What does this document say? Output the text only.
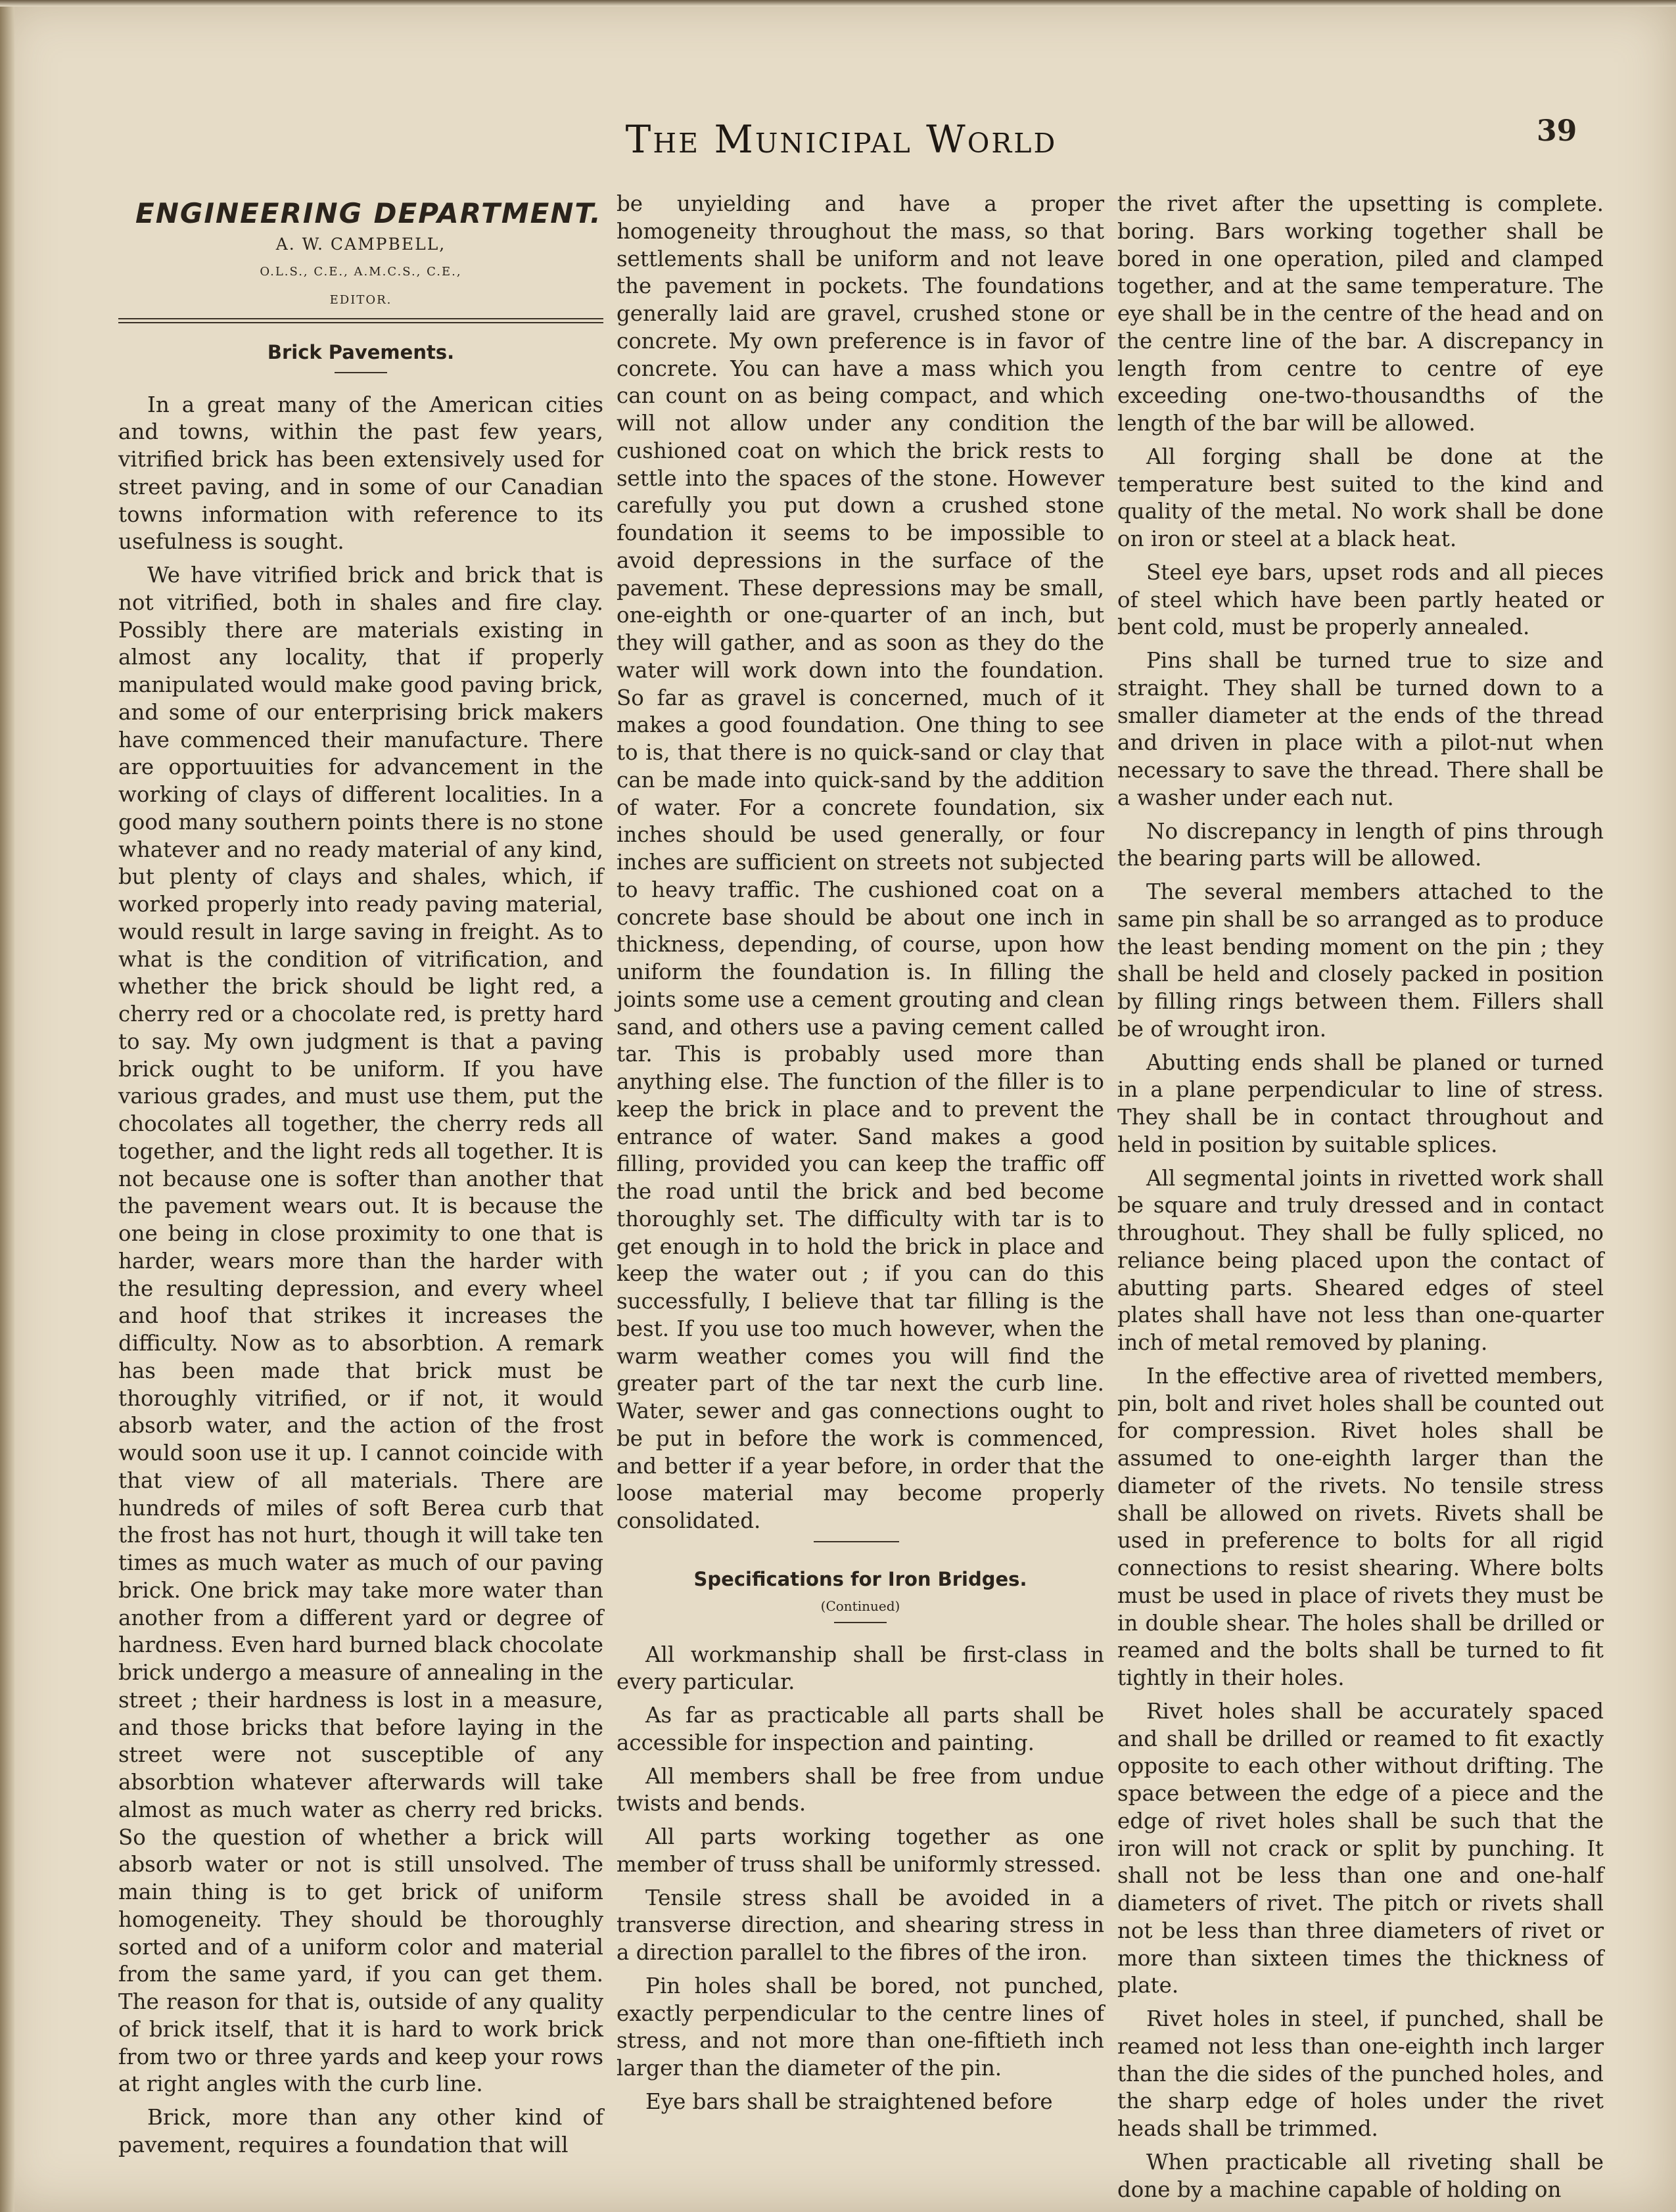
The Municipal World	39
ENGINEERING DEPARTMENT.
A. W. CAMPBELL,
O.L.S., C.E., A.M.C.S., C.E.,
EDITOR.
Brick Pavements.

In a great many of the American cities and towns, within the past few years, vitrified brick has been extensively used for street paving, and in some of our Canadian towns information with reference to its usefulness is sought.

We have vitrified brick and brick that is not vitrified, both in shales and fire clay. Possibly there are materials existing in almost any locality, that if properly manipulated would make good paving brick, and some of our enterprising brick makers have commenced their manufacture. There are opportuuities for advancement in the working of clays of different localities. In a good many southern points there is no stone whatever and no ready material of any kind, but plenty of clays and shales, which, if worked properly into ready paving material, would result in large saving in freight. As to what is the condition of vitrification, and whether the brick should be light red, a cherry red or a chocolate red, is pretty hard to say. My own judgment is that a paving brick ought to be uniform. If you have various grades, and must use them, put the chocolates all together, the cherry reds all together, and the light reds all together. It is not because one is softer than another that the pavement wears out. It is because the one being in close proximity to one that is harder, wears more than the harder with the resulting depression, and every wheel and hoof that strikes it increases the difficulty. Now as to absorbtion. A remark has been made that brick must be thoroughly vitrified, or if not, it would absorb water, and the action of the frost would soon use it up. I cannot coincide with that view of all materials. There are hundreds of miles of soft Berea curb that the frost has not hurt, though it will take ten times as much water as much of our paving brick. One brick may take more water than another from a different yard or degree of hardness. Even hard burned black chocolate brick undergo a measure of annealing in the street ; their hardness is lost in a measure, and those bricks that before laying in the street were not susceptible of any absorbtion whatever afterwards will take almost as much water as cherry red bricks. So the question of whether a brick will absorb water or not is still unsolved. The main thing is to get brick of uniform homogeneity. They should be thoroughly sorted and of a uniform color and material from the same yard, if you can get them. The reason for that is, outside of any quality of brick itself, that it is hard to work brick from two or three yards and keep your rows at right angles with the curb line.

Brick, more than any other kind of pavement, requires a foundation that will

be unyielding and have a proper homogeneity throughout the mass, so that settlements shall be uniform and not leave the pavement in pockets. The foundations generally laid are gravel, crushed stone or concrete. My own preference is in favor of concrete. You can have a mass which you can count on as being compact, and which will not allow under any condition the cushioned coat on which the brick rests to settle into the spaces of the stone. However carefully you put down a crushed stone foundation it seems to be impossible to avoid depressions in the surface of the pavement. These depressions may be small, one-eighth or one-quarter of an inch, but they will gather, and as soon as they do the water will work down into the foundation. So far as gravel is concerned, much of it makes a good foundation. One thing to see to is, that there is no quick-sand or clay that can be made into quick-sand by the addition of water. For a concrete foundation, six inches should be used generally, or four inches are sufficient on streets not subjected to heavy traffic. The cushioned coat on a concrete base should be about one inch in thickness, depending, of course, upon how uniform the foundation is. In filling the joints some use a cement grouting and clean sand, and others use a paving cement called tar. This is probably used more than anything else. The function of the filler is to keep the brick in place and to prevent the entrance of water. Sand makes a good filling, provided you can keep the traffic off the road until the brick and bed become thoroughly set. The difficulty with tar is to get enough in to hold the brick in place and keep the water out ; if you can do this successfully, I believe that tar filling is the best. If you use too much however, when the warm weather comes you will find the greater part of the tar next the curb line. Water, sewer and gas connections ought to be put in before the work is commenced, and better if a year before, in order that the loose material may become properly consolidated.

Specifications for Iron Bridges.
(Continued)

All workmanship shall be first-class in every particular.

As far as practicable all parts shall be accessible for inspection and painting.

All members shall be free from undue twists and bends.

All parts working together as one member of truss shall be uniformly stressed.

Tensile stress shall be avoided in a transverse direction, and shearing stress in a direction parallel to the fibres of the iron.

Pin holes shall be bored, not punched, exactly perpendicular to the centre lines of stress, and not more than one-fiftieth inch larger than the diameter of the pin.

Eye bars shall be straightened before

the rivet after the upsetting is complete. boring. Bars working together shall be bored in one operation, piled and clamped together, and at the same temperature. The eye shall be in the centre of the head and on the centre line of the bar. A discrepancy in length from centre to centre of eye exceeding one-two-thousandths of the length of the bar will be allowed.

All forging shall be done at the temperature best suited to the kind and quality of the metal. No work shall be done on iron or steel at a black heat.

Steel eye bars, upset rods and all pieces of steel which have been partly heated or bent cold, must be properly annealed.

Pins shall be turned true to size and straight. They shall be turned down to a smaller diameter at the ends of the thread and driven in place with a pilot-nut when necessary to save the thread. There shall be a washer under each nut.

No discrepancy in length of pins through the bearing parts will be allowed.

The several members attached to the same pin shall be so arranged as to produce the least bending moment on the pin ; they shall be held and closely packed in position by filling rings between them. Fillers shall be of wrought iron.

Abutting ends shall be planed or turned in a plane perpendicular to line of stress. They shall be in contact throughout and held in position by suitable splices.

All segmental joints in rivetted work shall be square and truly dressed and in contact throughout. They shall be fully spliced, no reliance being placed upon the contact of abutting parts. Sheared edges of steel plates shall have not less than one-quarter inch of metal removed by planing.

In the effective area of rivetted members, pin, bolt and rivet holes shall be counted out for compression. Rivet holes shall be assumed to one-eighth larger than the diameter of the rivets. No tensile stress shall be allowed on rivets. Rivets shall be used in preference to bolts for all rigid connections to resist shearing. Where bolts must be used in place of rivets they must be in double shear. The holes shall be drilled or reamed and the bolts shall be turned to fit tightly in their holes.

Rivet holes shall be accurately spaced and shall be drilled or reamed to fit exactly opposite to each other without drifting. The space between the edge of a piece and the edge of rivet holes shall be such that the iron will not crack or split by punching. It shall not be less than one and one-half diameters of rivet. The pitch or rivets shall not be less than three diameters of rivet or more than sixteen times the thickness of plate.

Rivet holes in steel, if punched, shall be reamed not less than one-eighth inch larger than the die sides of the punched holes, and the sharp edge of holes under the rivet heads shall be trimmed.

When practicable all riveting shall be done by a machine capable of holding on
